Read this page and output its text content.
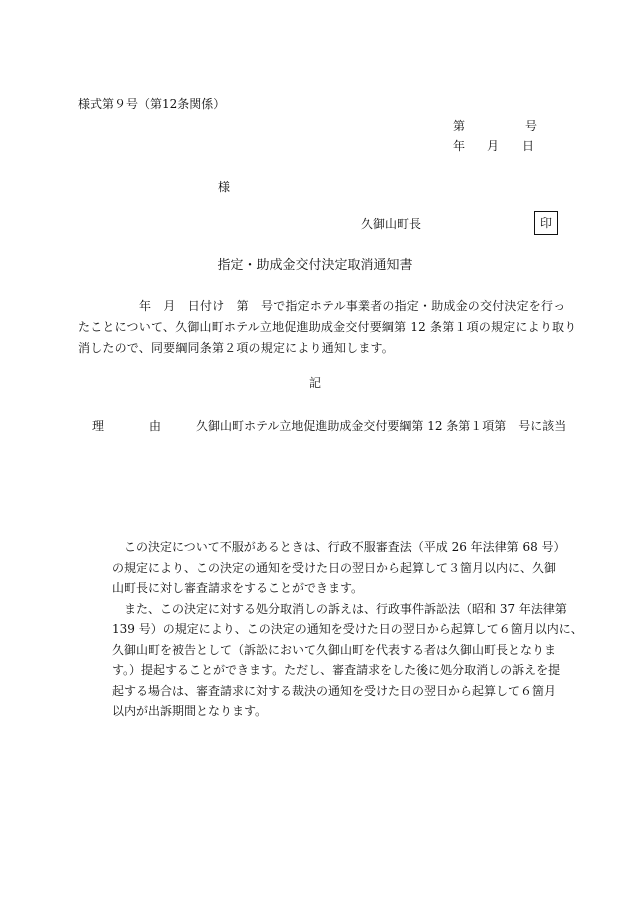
様式第９号（第12条関係）
第	号
年 月 日
様
久御山町長	印
指定・助成金交付決定取消通知書
　　　　　年　月　日付け　第　号で指定ホテル事業者の指定・助成金の交付決定を行っ
たことについて、久御山町ホテル立地促進助成金交付要綱第 12 条第１項の規定により取り
消したので、同要綱同条第２項の規定により通知します。
記
理	由	久御山町ホテル立地促進助成金交付要綱第 12 条第１項第　号に該当

　この決定について不服があるときは、行政不服審査法（平成 26 年法律第 68 号）
の規定により、この決定の通知を受けた日の翌日から起算して３箇月以内に、久御
山町長に対し審査請求をすることができます。

　また、この決定に対する処分取消しの訴えは、行政事件訴訟法（昭和 37 年法律第
139 号）の規定により、この決定の通知を受けた日の翌日から起算して６箇月以内に、
久御山町を被告として（訴訟において久御山町を代表する者は久御山町長となりま
す。）提起することができます。ただし、審査請求をした後に処分取消しの訴えを提
起する場合は、審査請求に対する裁決の通知を受けた日の翌日から起算して６箇月
以内が出訴期間となります。
